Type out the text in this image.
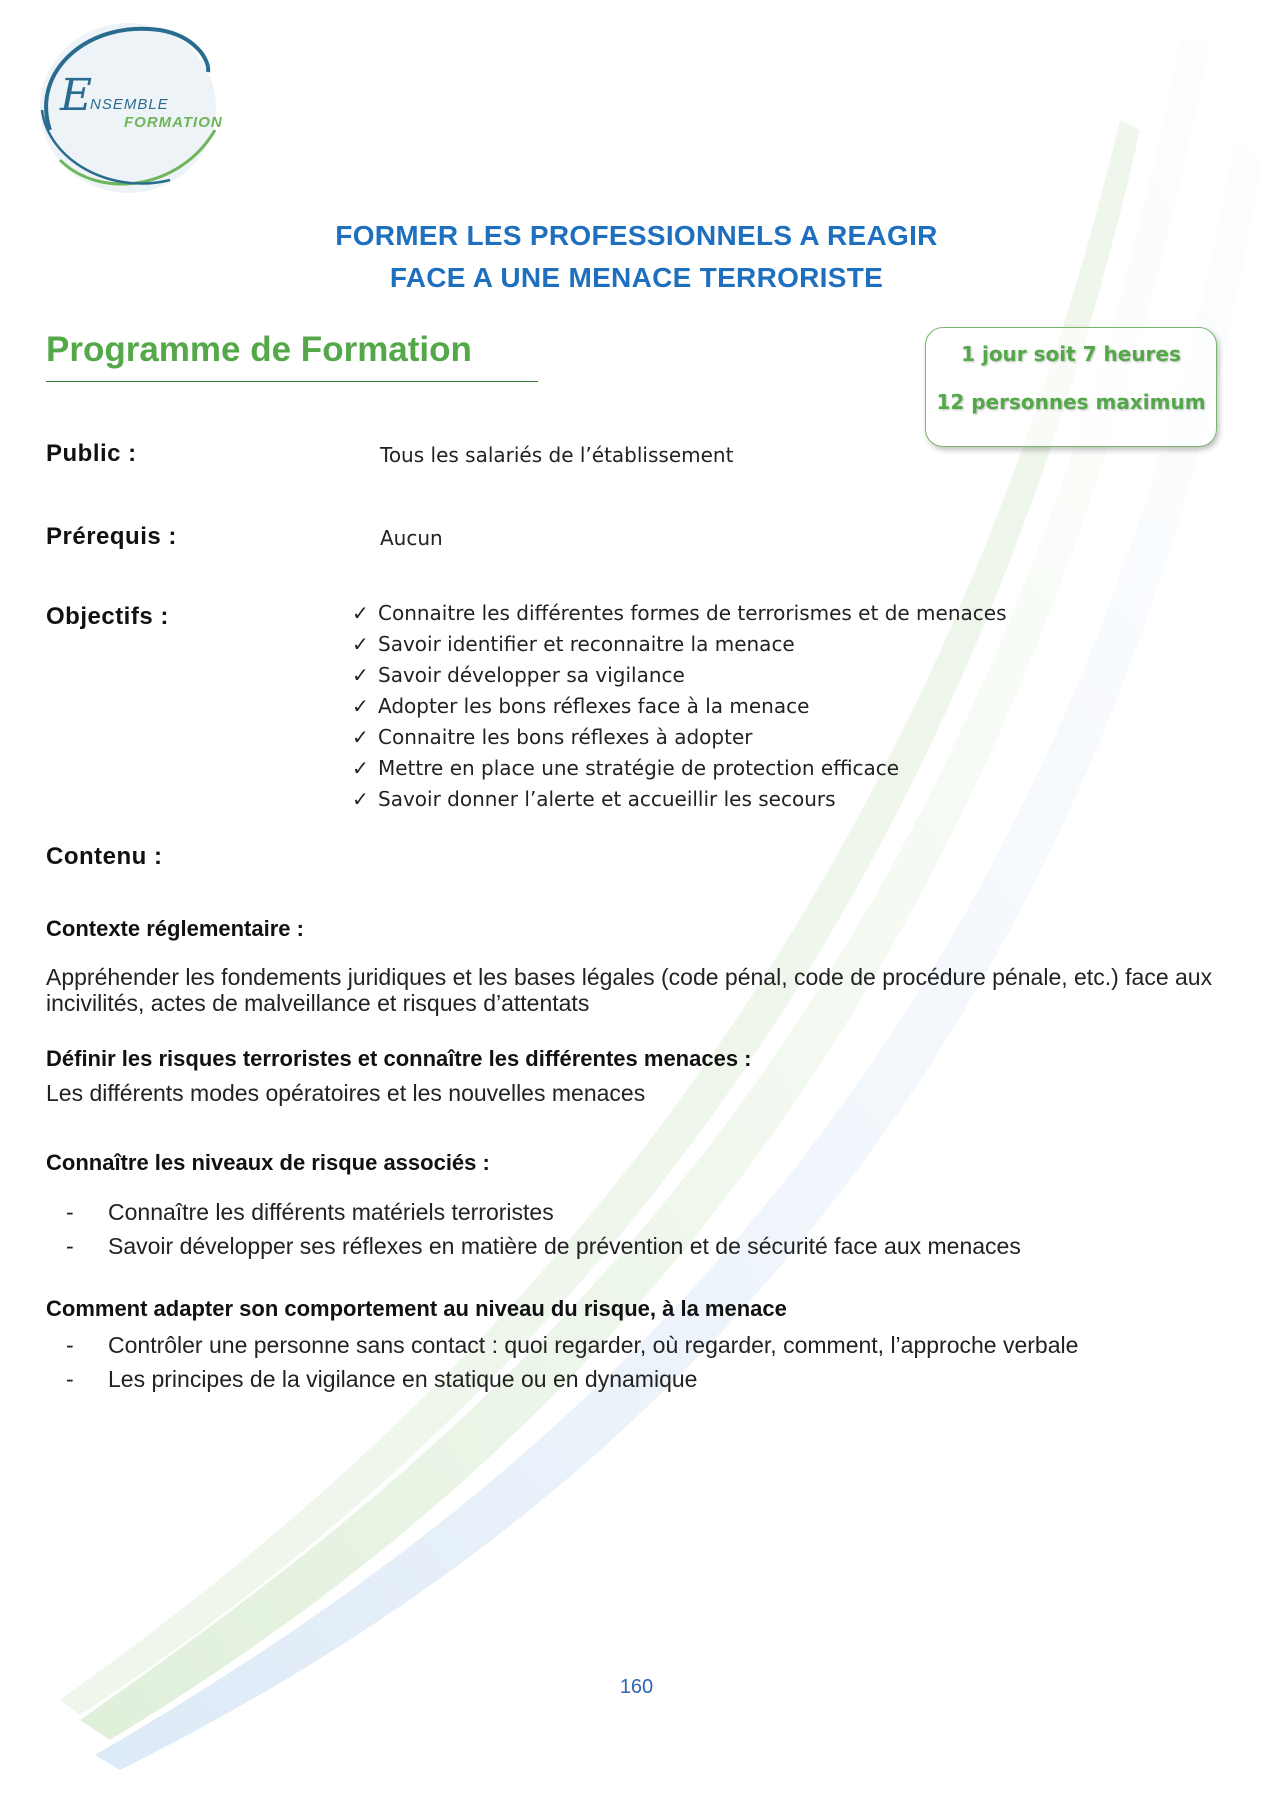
E
NSEMBLE
FORMATION
FORMER LES PROFESSIONNELS A REAGIR
FACE A UNE MENACE TERRORISTE
Programme de Formation	1 jour soit 7 heures
12 personnes maximum
Public :	Tous les salariés de l’établissement
Prérequis :	Aucun
Objectifs :	✓ Connaitre les différentes formes de terrorismes et de menaces
✓ Savoir identifier et reconnaitre la menace
✓ Savoir développer sa vigilance
✓ Adopter les bons réflexes face à la menace
✓ Connaitre les bons réflexes à adopter
✓ Mettre en place une stratégie de protection efficace
✓ Savoir donner l’alerte et accueillir les secours
Contenu :
Contexte réglementaire :
Appréhender les fondements juridiques et les bases légales (code pénal, code de procédure pénale, etc.) face aux incivilités, actes de malveillance et risques d’attentats
Définir les risques terroristes et connaître les différentes menaces :
Les différents modes opératoires et les nouvelles menaces
Connaître les niveaux de risque associés :
- Connaître les différents matériels terroristes
- Savoir développer ses réflexes en matière de prévention et de sécurité face aux menaces
Comment adapter son comportement au niveau du risque, à la menace
- Contrôler une personne sans contact : quoi regarder, où regarder, comment, l’approche verbale
- Les principes de la vigilance en statique ou en dynamique
160
